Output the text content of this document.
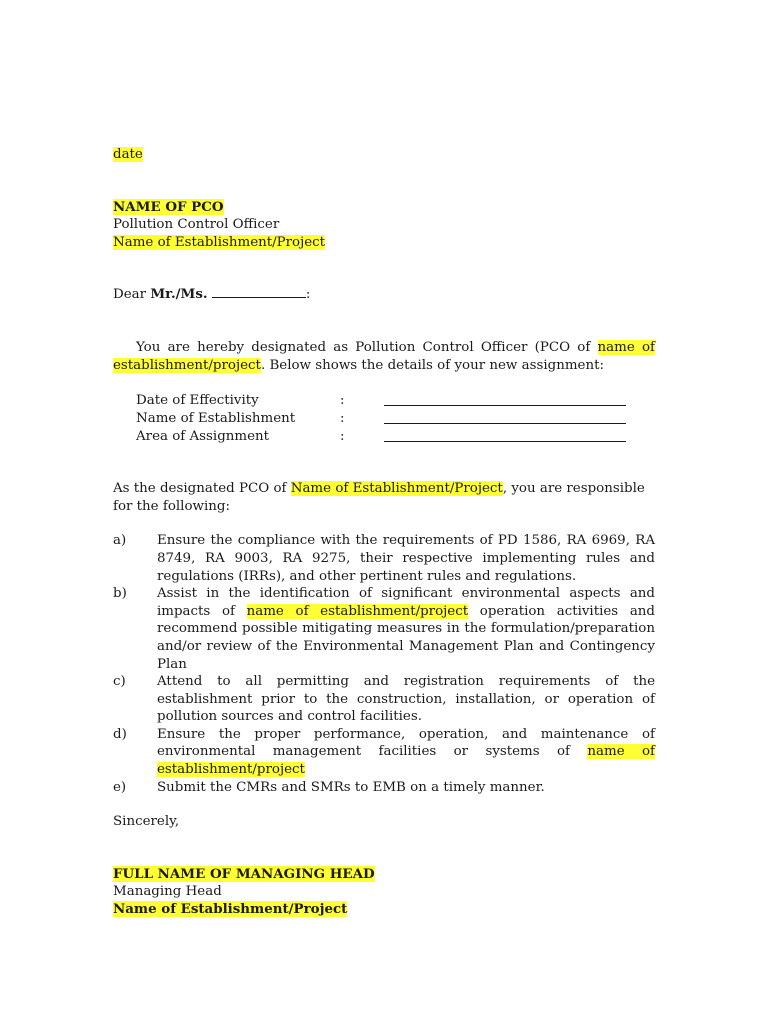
date

NAME OF PCO

Pollution Control Officer

Name of Establishment/Project

Dear Mr./Ms.	:

You are hereby designated as Pollution Control Officer (PCO of name of establishment/project. Below shows the details of your new assignment:

Date of Effectivity	:
Name of Establishment	:
Area of Assignment	:

As the designated PCO of Name of Establishment/Project, you are responsible for the following:

a)	Ensure the compliance with the requirements of PD 1586, RA 6969, RA 8749, RA 9003, RA 9275, their respective implementing rules and regulations (IRRs), and other pertinent rules and regulations.
b)	Assist in the identification of significant environmental aspects and impacts of name of establishment/project operation activities and recommend possible mitigating measures in the formulation/preparation and/or review of the Environmental Management Plan and Contingency Plan
c)	Attend to all permitting and registration requirements of the establishment prior to the construction, installation, or operation of pollution sources and control facilities.
d)	Ensure the proper performance, operation, and maintenance of environmental management facilities or systems of name of establishment/project
e)	Submit the CMRs and SMRs to EMB on a timely manner.

Sincerely,

FULL NAME OF MANAGING HEAD

Managing Head

Name of Establishment/Project
